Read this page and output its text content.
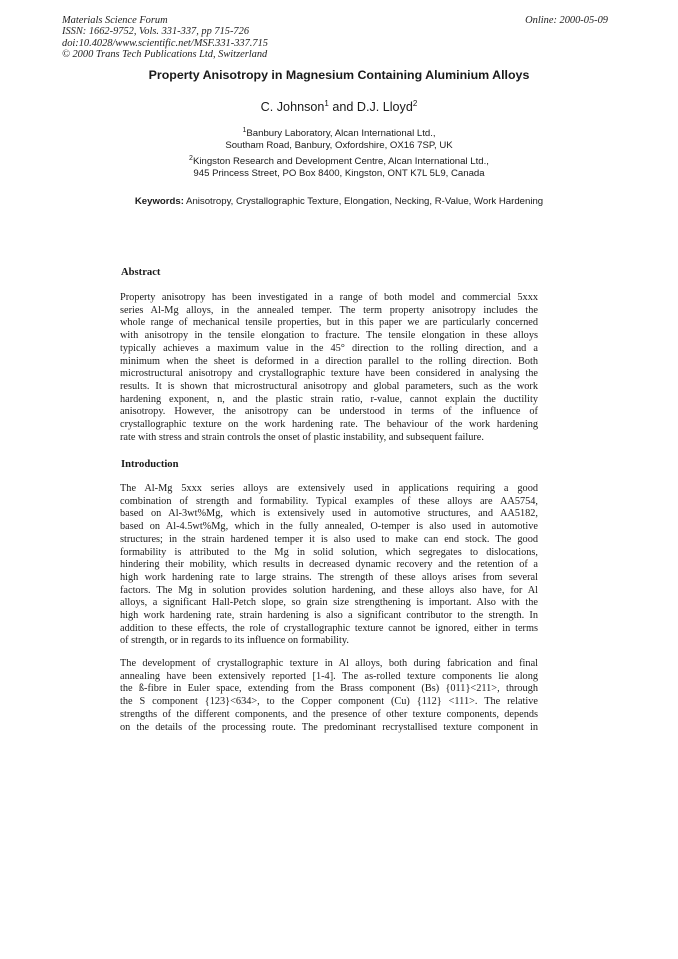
Materials Science Forum
ISSN: 1662-9752, Vols. 331-337, pp 715-726
doi:10.4028/www.scientific.net/MSF.331-337.715
© 2000 Trans Tech Publications Ltd, Switzerland
Online: 2000-05-09
Property Anisotropy in Magnesium Containing Aluminium Alloys
C. Johnson$^1$ and D.J. Lloyd$^2$
$^1$Banbury Laboratory, Alcan International Ltd.,
Southam Road, Banbury, Oxfordshire, OX16 7SP, UK
$^2$Kingston Research and Development Centre, Alcan International Ltd.,
945 Princess Street, PO Box 8400, Kingston, ONT K7L 5L9, Canada
Keywords: Anisotropy, Crystallographic Texture, Elongation, Necking, R-Value, Work Hardening
Abstract
Property anisotropy has been investigated in a range of both model and commercial 5xxx
series Al-Mg alloys, in the annealed temper. The term property anisotropy includes the
whole range of mechanical tensile properties, but in this paper we are particularly concerned
with anisotropy in the tensile elongation to fracture. The tensile elongation in these alloys
typically achieves a maximum value in the 45° direction to the rolling direction, and a
minimum when the sheet is deformed in a direction parallel to the rolling direction. Both
microstructural anisotropy and crystallographic texture have been considered in analysing the
results. It is shown that microstructural anisotropy and global parameters, such as the work
hardening exponent, n, and the plastic strain ratio, r-value, cannot explain the ductility
anisotropy. However, the anisotropy can be understood in terms of the influence of
crystallographic texture on the work hardening rate. The behaviour of the work hardening
rate with stress and strain controls the onset of plastic instability, and subsequent failure.
Introduction
The Al-Mg 5xxx series alloys are extensively used in applications requiring a good
combination of strength and formability. Typical examples of these alloys are AA5754,
based on Al-3wt%Mg, which is extensively used in automotive structures, and AA5182,
based on Al-4.5wt%Mg, which in the fully annealed, O-temper is also used in automotive
structures; in the strain hardened temper it is also used to make can end stock. The good
formability is attributed to the Mg in solid solution, which segregates to dislocations,
hindering their mobility, which results in decreased dynamic recovery and the retention of a
high work hardening rate to large strains. The strength of these alloys arises from several
factors. The Mg in solution provides solution hardening, and these alloys also have, for Al
alloys, a significant Hall-Petch slope, so grain size strengthening is important. Also with the
high work hardening rate, strain hardening is also a significant contributor to the strength. In
addition to these effects, the role of crystallographic texture cannot be ignored, either in terms
of strength, or in regards to its influence on formability.
The development of crystallographic texture in Al alloys, both during fabrication and final
annealing have been extensively reported [1-4]. The as-rolled texture components lie along
the ß-fibre in Euler space, extending from the Brass component (Bs) {011}<211>, through
the S component {123}<634>, to the Copper component (Cu) {112} <111>. The relative
strengths of the different components, and the presence of other texture components, depends
on the details of the processing route. The predominant recrystallised texture component in
